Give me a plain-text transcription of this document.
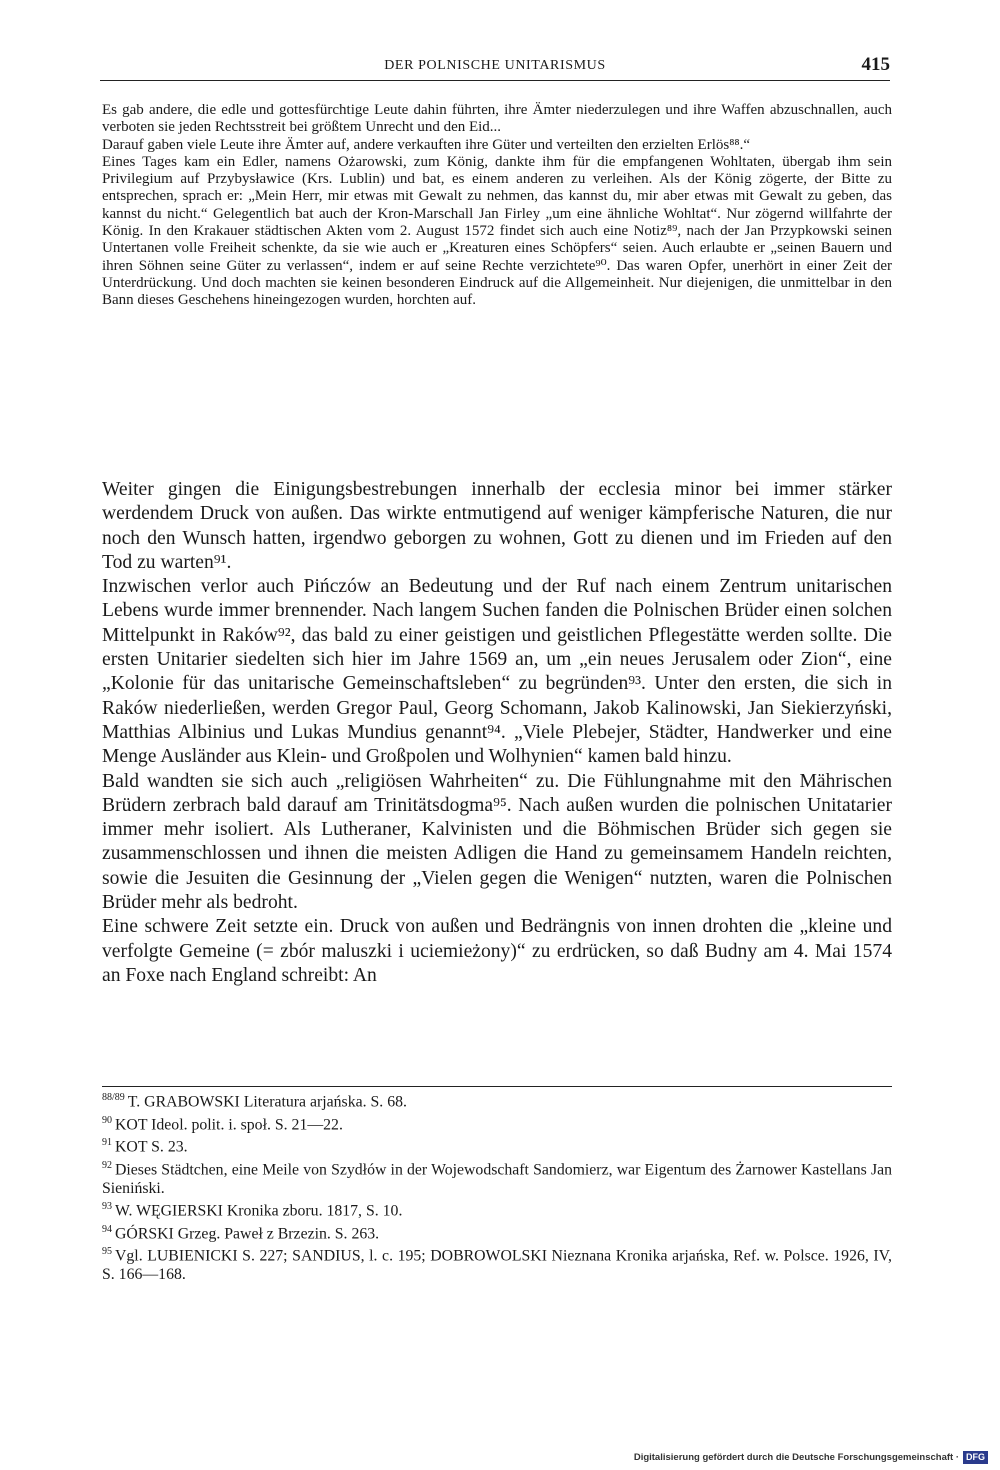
DER POLNISCHE UNITARISMUS	415

Es gab andere, die edle und gottesfürchtige Leute dahin führten, ihre Ämter niederzulegen und ihre Waffen abzuschnallen, auch verboten sie jeden Rechtsstreit bei größtem Unrecht und den Eid...

Darauf gaben viele Leute ihre Ämter auf, andere verkauften ihre Güter und verteilten den erzielten Erlös⁸⁸.“

Eines Tages kam ein Edler, namens Ożarowski, zum König, dankte ihm für die empfangenen Wohltaten, übergab ihm sein Privilegium auf Przybysławice (Krs. Lublin) und bat, es einem anderen zu verleihen. Als der König zögerte, der Bitte zu entsprechen, sprach er: „Mein Herr, mir etwas mit Gewalt zu nehmen, das kannst du, mir aber etwas mit Gewalt zu geben, das kannst du nicht.“ Gelegentlich bat auch der Kron-Marschall Jan Firley „um eine ähnliche Wohltat“. Nur zögernd willfahrte der König. In den Krakauer städtischen Akten vom 2. August 1572 findet sich auch eine Notiz⁸⁹, nach der Jan Przypkowski seinen Untertanen volle Freiheit schenkte, da sie wie auch er „Kreaturen eines Schöpfers“ seien. Auch erlaubte er „seinen Bauern und ihren Söhnen seine Güter zu verlassen“, indem er auf seine Rechte verzichtete⁹⁰. Das waren Opfer, unerhört in einer Zeit der Unterdrückung. Und doch machten sie keinen besonderen Eindruck auf die Allgemeinheit. Nur diejenigen, die unmittelbar in den Bann dieses Geschehens hineingezogen wurden, horchten auf.

Weiter gingen die Einigungsbestrebungen innerhalb der ecclesia minor bei immer stärker werdendem Druck von außen. Das wirkte entmutigend auf weniger kämpferische Naturen, die nur noch den Wunsch hatten, irgendwo geborgen zu wohnen, Gott zu dienen und im Frieden auf den Tod zu warten⁹¹.

Inzwischen verlor auch Pińczów an Bedeutung und der Ruf nach einem Zentrum unitarischen Lebens wurde immer brennender. Nach langem Suchen fanden die Polnischen Brüder einen solchen Mittelpunkt in Raków⁹², das bald zu einer geistigen und geistlichen Pflegestätte werden sollte. Die ersten Unitarier siedelten sich hier im Jahre 1569 an, um „ein neues Jerusalem oder Zion“, eine „Kolonie für das unitarische Gemeinschaftsleben“ zu begründen⁹³. Unter den ersten, die sich in Raków niederließen, werden Gregor Paul, Georg Schomann, Jakob Kalinowski, Jan Siekierzyński, Matthias Albinius und Lukas Mundius genannt⁹⁴. „Viele Plebejer, Städter, Handwerker und eine Menge Ausländer aus Klein- und Großpolen und Wolhynien“ kamen bald hinzu.

Bald wandten sie sich auch „religiösen Wahrheiten“ zu. Die Fühlungnahme mit den Mährischen Brüdern zerbrach bald darauf am Trinitätsdogma⁹⁵. Nach außen wurden die polnischen Unitatarier immer mehr isoliert. Als Lutheraner, Kalvinisten und die Böhmischen Brüder sich gegen sie zusammenschlossen und ihnen die meisten Adligen die Hand zu gemeinsamem Handeln reichten, sowie die Jesuiten die Gesinnung der „Vielen gegen die Wenigen“ nutzten, waren die Polnischen Brüder mehr als bedroht.

Eine schwere Zeit setzte ein. Druck von außen und Bedrängnis von innen drohten die „kleine und verfolgte Gemeine (= zbór maluszki i uciemieżony)“ zu erdrücken, so daß Budny am 4. Mai 1574 an Foxe nach England schreibt: An

$^{88/89}$ T. GRABOWSKI Literatura arjańska. S. 68.

$^{90}$ KOT Ideol. polit. i. społ. S. 21—22.

$^{91}$ KOT S. 23.

$^{92}$ Dieses Städtchen, eine Meile von Szydłów in der Wojewodschaft Sandomierz, war Eigentum des Żarnower Kastellans Jan Sieniński.

$^{93}$ W. WĘGIERSKI Kronika zboru. 1817, S. 10.

$^{94}$ GÓRSKI Grzeg. Paweł z Brzezin. S. 263.

$^{95}$ Vgl. LUBIENICKI S. 227; SANDIUS, l. c. 195; DOBROWOLSKI Nieznana Kronika arjańska, Ref. w. Polsce. 1926, IV, S. 166—168.

Digitalisierung gefördert durch die Deutsche Forschungsgemeinschaft · DFG
